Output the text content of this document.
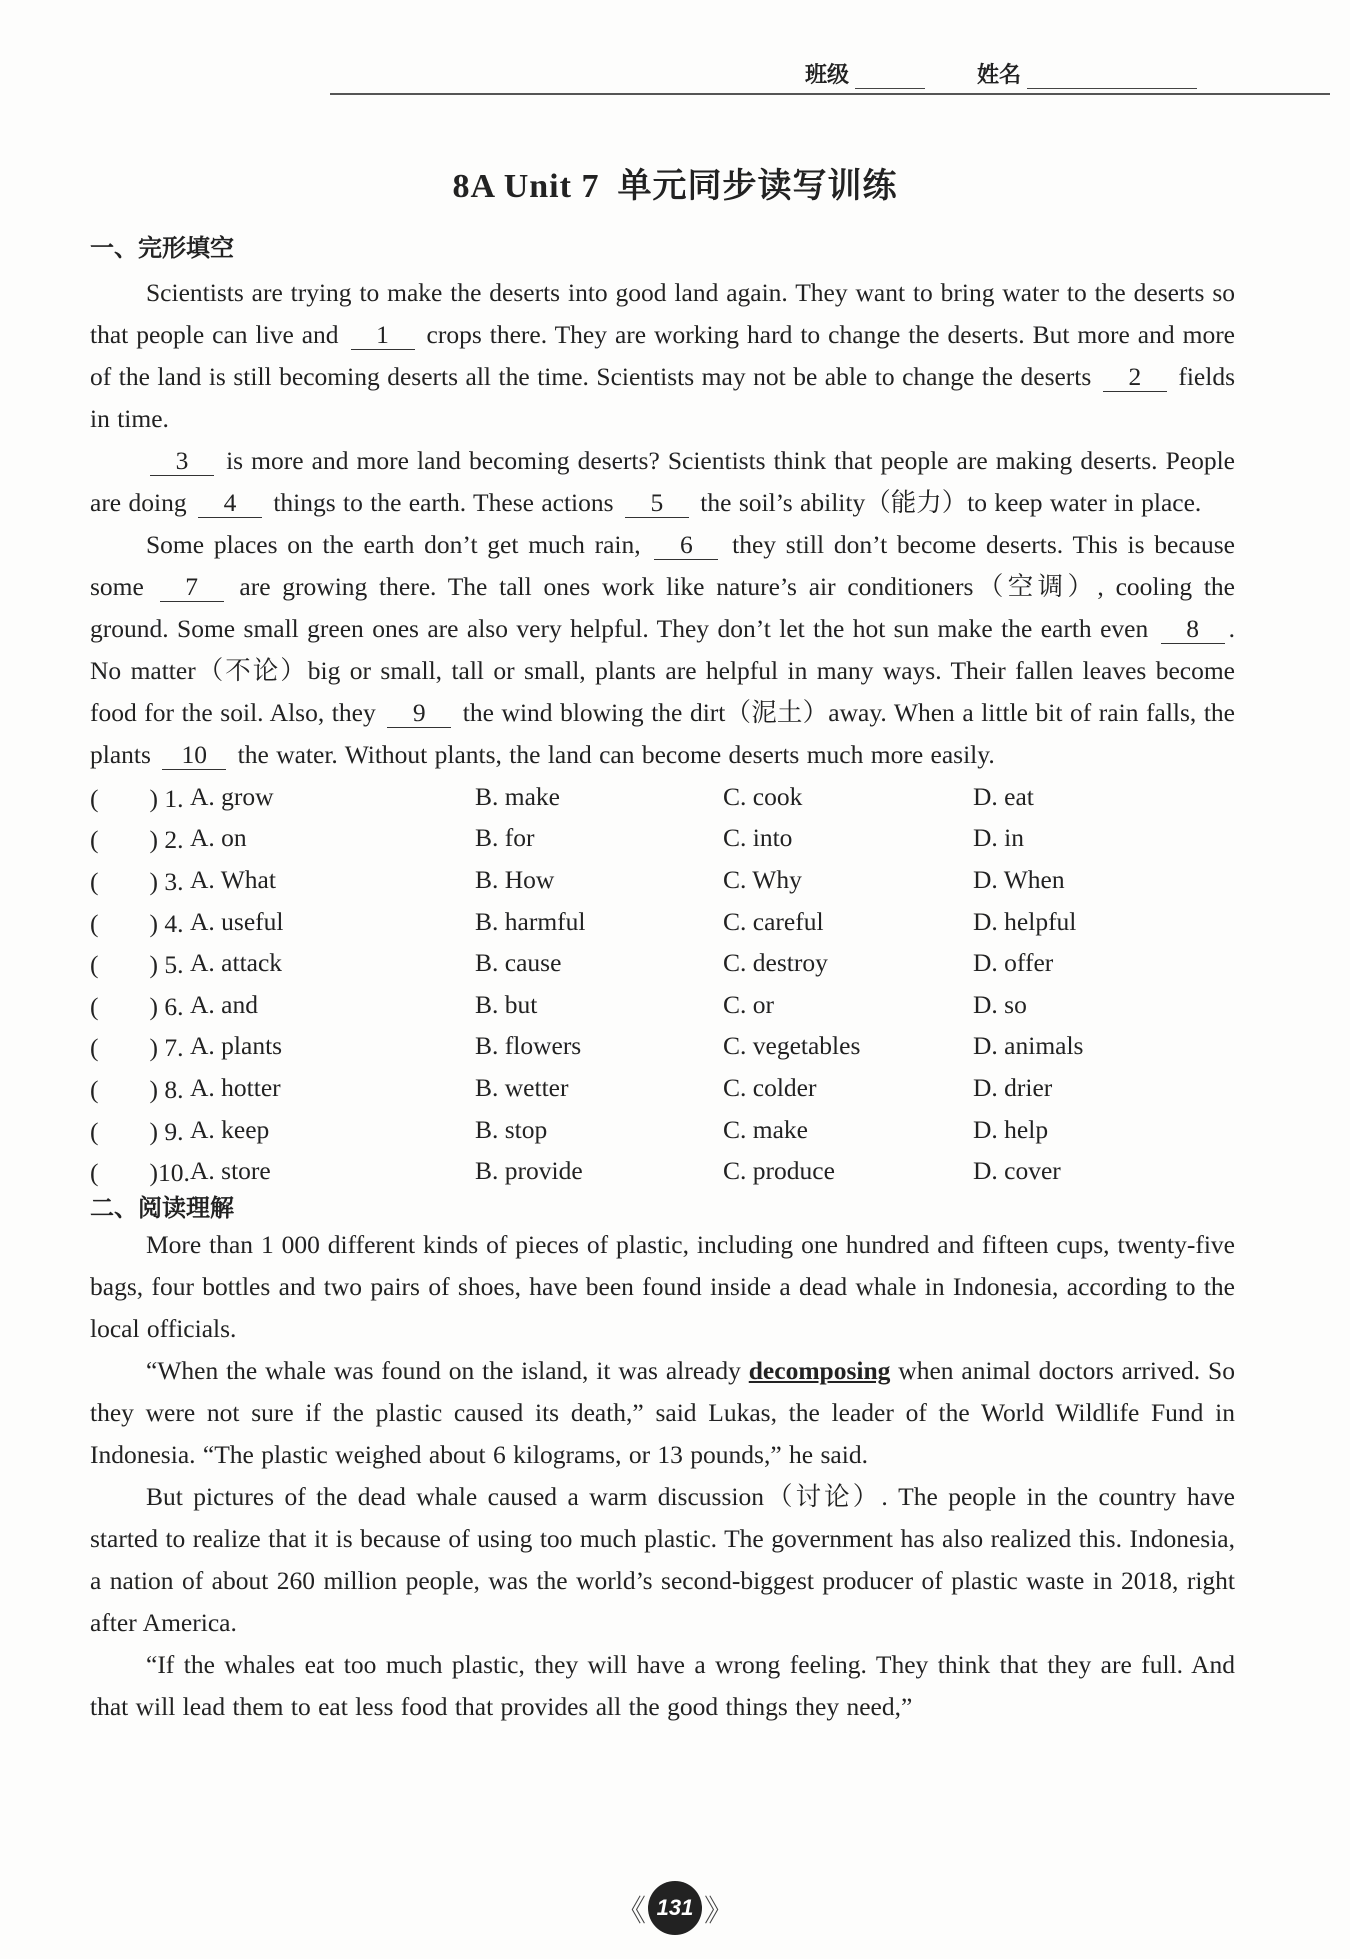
班级	姓名
8A Unit 7 单元同步读写训练

一、完形填空

Scientists are trying to make the deserts into good land again. They want to bring water to the deserts so that people can live and 1 crops there. They are working hard to change the deserts. But more and more of the land is still becoming deserts all the time. Scientists may not be able to change the deserts 2 fields in time.

3 is more and more land becoming deserts? Scientists think that people are making deserts. People are doing 4 things to the earth. These actions 5 the soil’s ability（能力）to keep water in place.

Some places on the earth don’t get much rain, 6 they still don’t become deserts. This is because some 7 are growing there. The tall ones work like nature’s air conditioners（空调）, cooling the ground. Some small green ones are also very helpful. They don’t let the hot sun make the earth even 8 . No matter（不论）big or small, tall or small, plants are helpful in many ways. Their fallen leaves become food for the soil. Also, they 9 the wind blowing the dirt（泥土）away. When a little bit of rain falls, the plants 10 the water. Without plants, the land can become deserts much more easily.

(　　) 1. A. grow	B. make	C. cook	D. eat
(　　) 2. A. on	B. for	C. into	D. in
(　　) 3. A. What	B. How	C. Why	D. When
(　　) 4. A. useful	B. harmful	C. careful	D. helpful
(　　) 5. A. attack	B. cause	C. destroy	D. offer
(　　) 6. A. and	B. but	C. or	D. so
(　　) 7. A. plants	B. flowers	C. vegetables	D. animals
(　　) 8. A. hotter	B. wetter	C. colder	D. drier
(　　) 9. A. keep	B. stop	C. make	D. help
(　　)10. A. store	B. provide	C. produce	D. cover

二、阅读理解

More than 1 000 different kinds of pieces of plastic, including one hundred and fifteen cups, twenty-five bags, four bottles and two pairs of shoes, have been found inside a dead whale in Indonesia, according to the local officials.

“When the whale was found on the island, it was already decomposing when animal doctors arrived. So they were not sure if the plastic caused its death,” said Lukas, the leader of the World Wildlife Fund in Indonesia. “The plastic weighed about 6 kilograms, or 13 pounds,” he said.

But pictures of the dead whale caused a warm discussion（讨论）. The people in the country have started to realize that it is because of using too much plastic. The government has also realized this. Indonesia, a nation of about 260 million people, was the world’s second-biggest producer of plastic waste in 2018, right after America.

“If the whales eat too much plastic, they will have a wrong feeling. They think that they are full. And that will lead them to eat less food that provides all the good things they need,”

《 131 》
